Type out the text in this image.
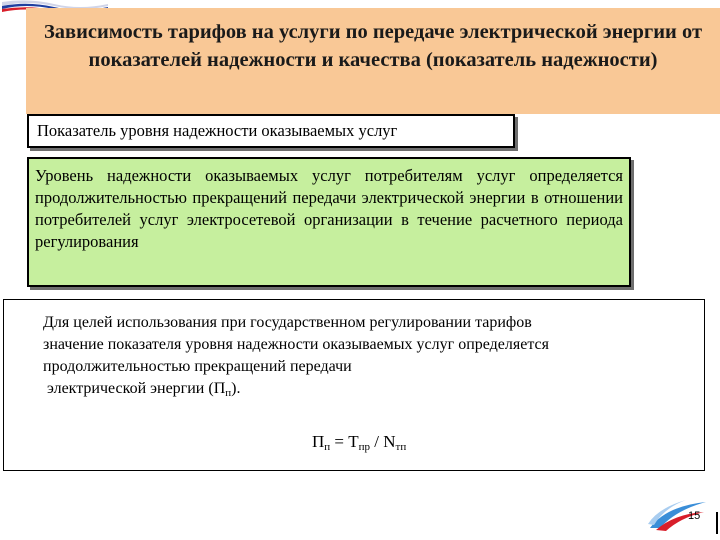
Зависимость тарифов на услуги по передаче электрической энергии от показателей надежности и качества (показатель надежности)
Показатель уровня надежности оказываемых услуг

Уровень надежности оказываемых услуг потребителям услуг определяется продолжительностью прекращений передачи электрической энергии в отношении потребителей услуг электросетевой организации в течение расчетного периода регулирования

Для целей использования при государственном регулировании тарифов
значение показателя уровня надежности оказываемых услуг определяется
продолжительностью прекращений передачи
электрической энергии $(П_п)$.
$П_п = Т_{пр} / N_{тп}$
15
